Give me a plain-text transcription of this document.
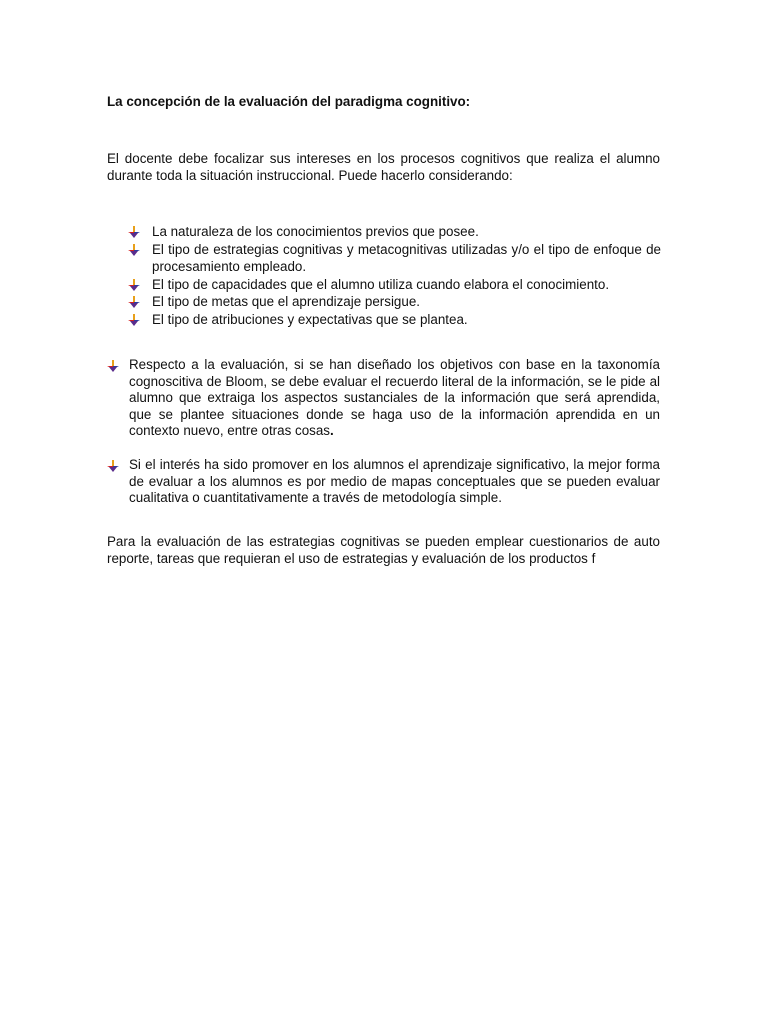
La concepción de la evaluación del paradigma cognitivo:
El docente debe focalizar sus intereses en los procesos cognitivos que realiza el alumno durante toda la situación instruccional. Puede hacerlo considerando:
La naturaleza de los conocimientos previos que posee.
El tipo de estrategias cognitivas y metacognitivas utilizadas y/o el tipo de enfoque de procesamiento empleado.
El tipo de capacidades que el alumno utiliza cuando elabora el conocimiento.
El tipo de metas que el aprendizaje persigue.
El tipo de atribuciones y expectativas que se plantea.
Respecto a la evaluación, si se han diseñado los objetivos con base en la taxonomía cognoscitiva de Bloom, se debe evaluar el recuerdo literal de la información, se le pide al alumno que extraiga los aspectos sustanciales de la información que será aprendida, que se plantee situaciones donde se haga uso de la información aprendida en un contexto nuevo, entre otras cosas.
Si el interés ha sido promover en los alumnos el aprendizaje significativo, la mejor forma de evaluar a los alumnos es por medio de mapas conceptuales que se pueden evaluar cualitativa o cuantitativamente a través de metodología simple.
Para la evaluación de las estrategias cognitivas se pueden emplear cuestionarios de auto reporte, tareas que requieran el uso de estrategias y evaluación de los productos f
